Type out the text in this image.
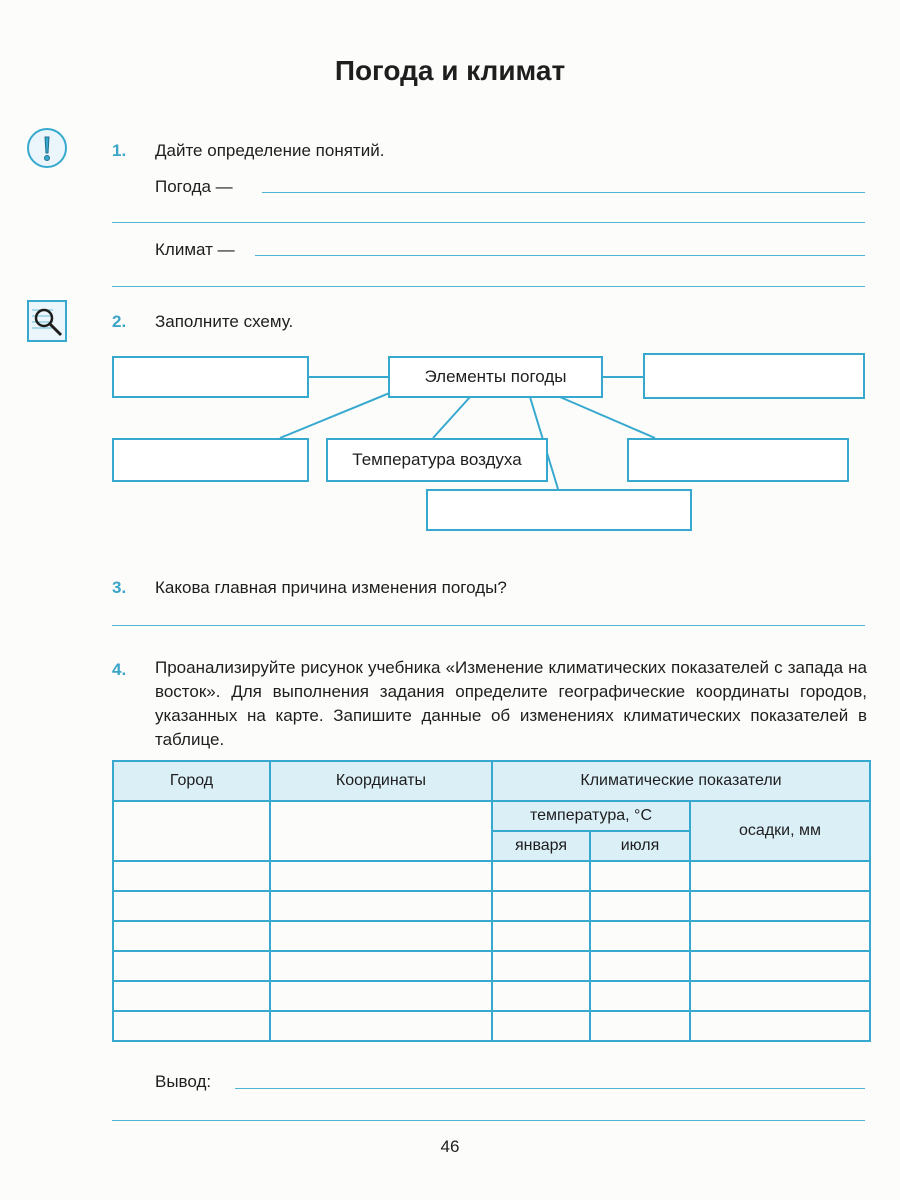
Погода и климат
1. Дайте определение понятий.
Погода —
Климат —
2. Заполните схему.
Элементы погоды
Температура воздуха
3. Какова главная причина изменения погоды?
4. Проанализируйте рисунок учебника «Изменение климатических показателей с запада на восток». Для выполнения задания определите географические координаты городов, указанных на карте. Запишите данные об изменениях климатических показателей в таблице.
Город	Координаты	Климатические показатели		
		температура, °С		осадки, мм
		января	июля	

Вывод:
46
